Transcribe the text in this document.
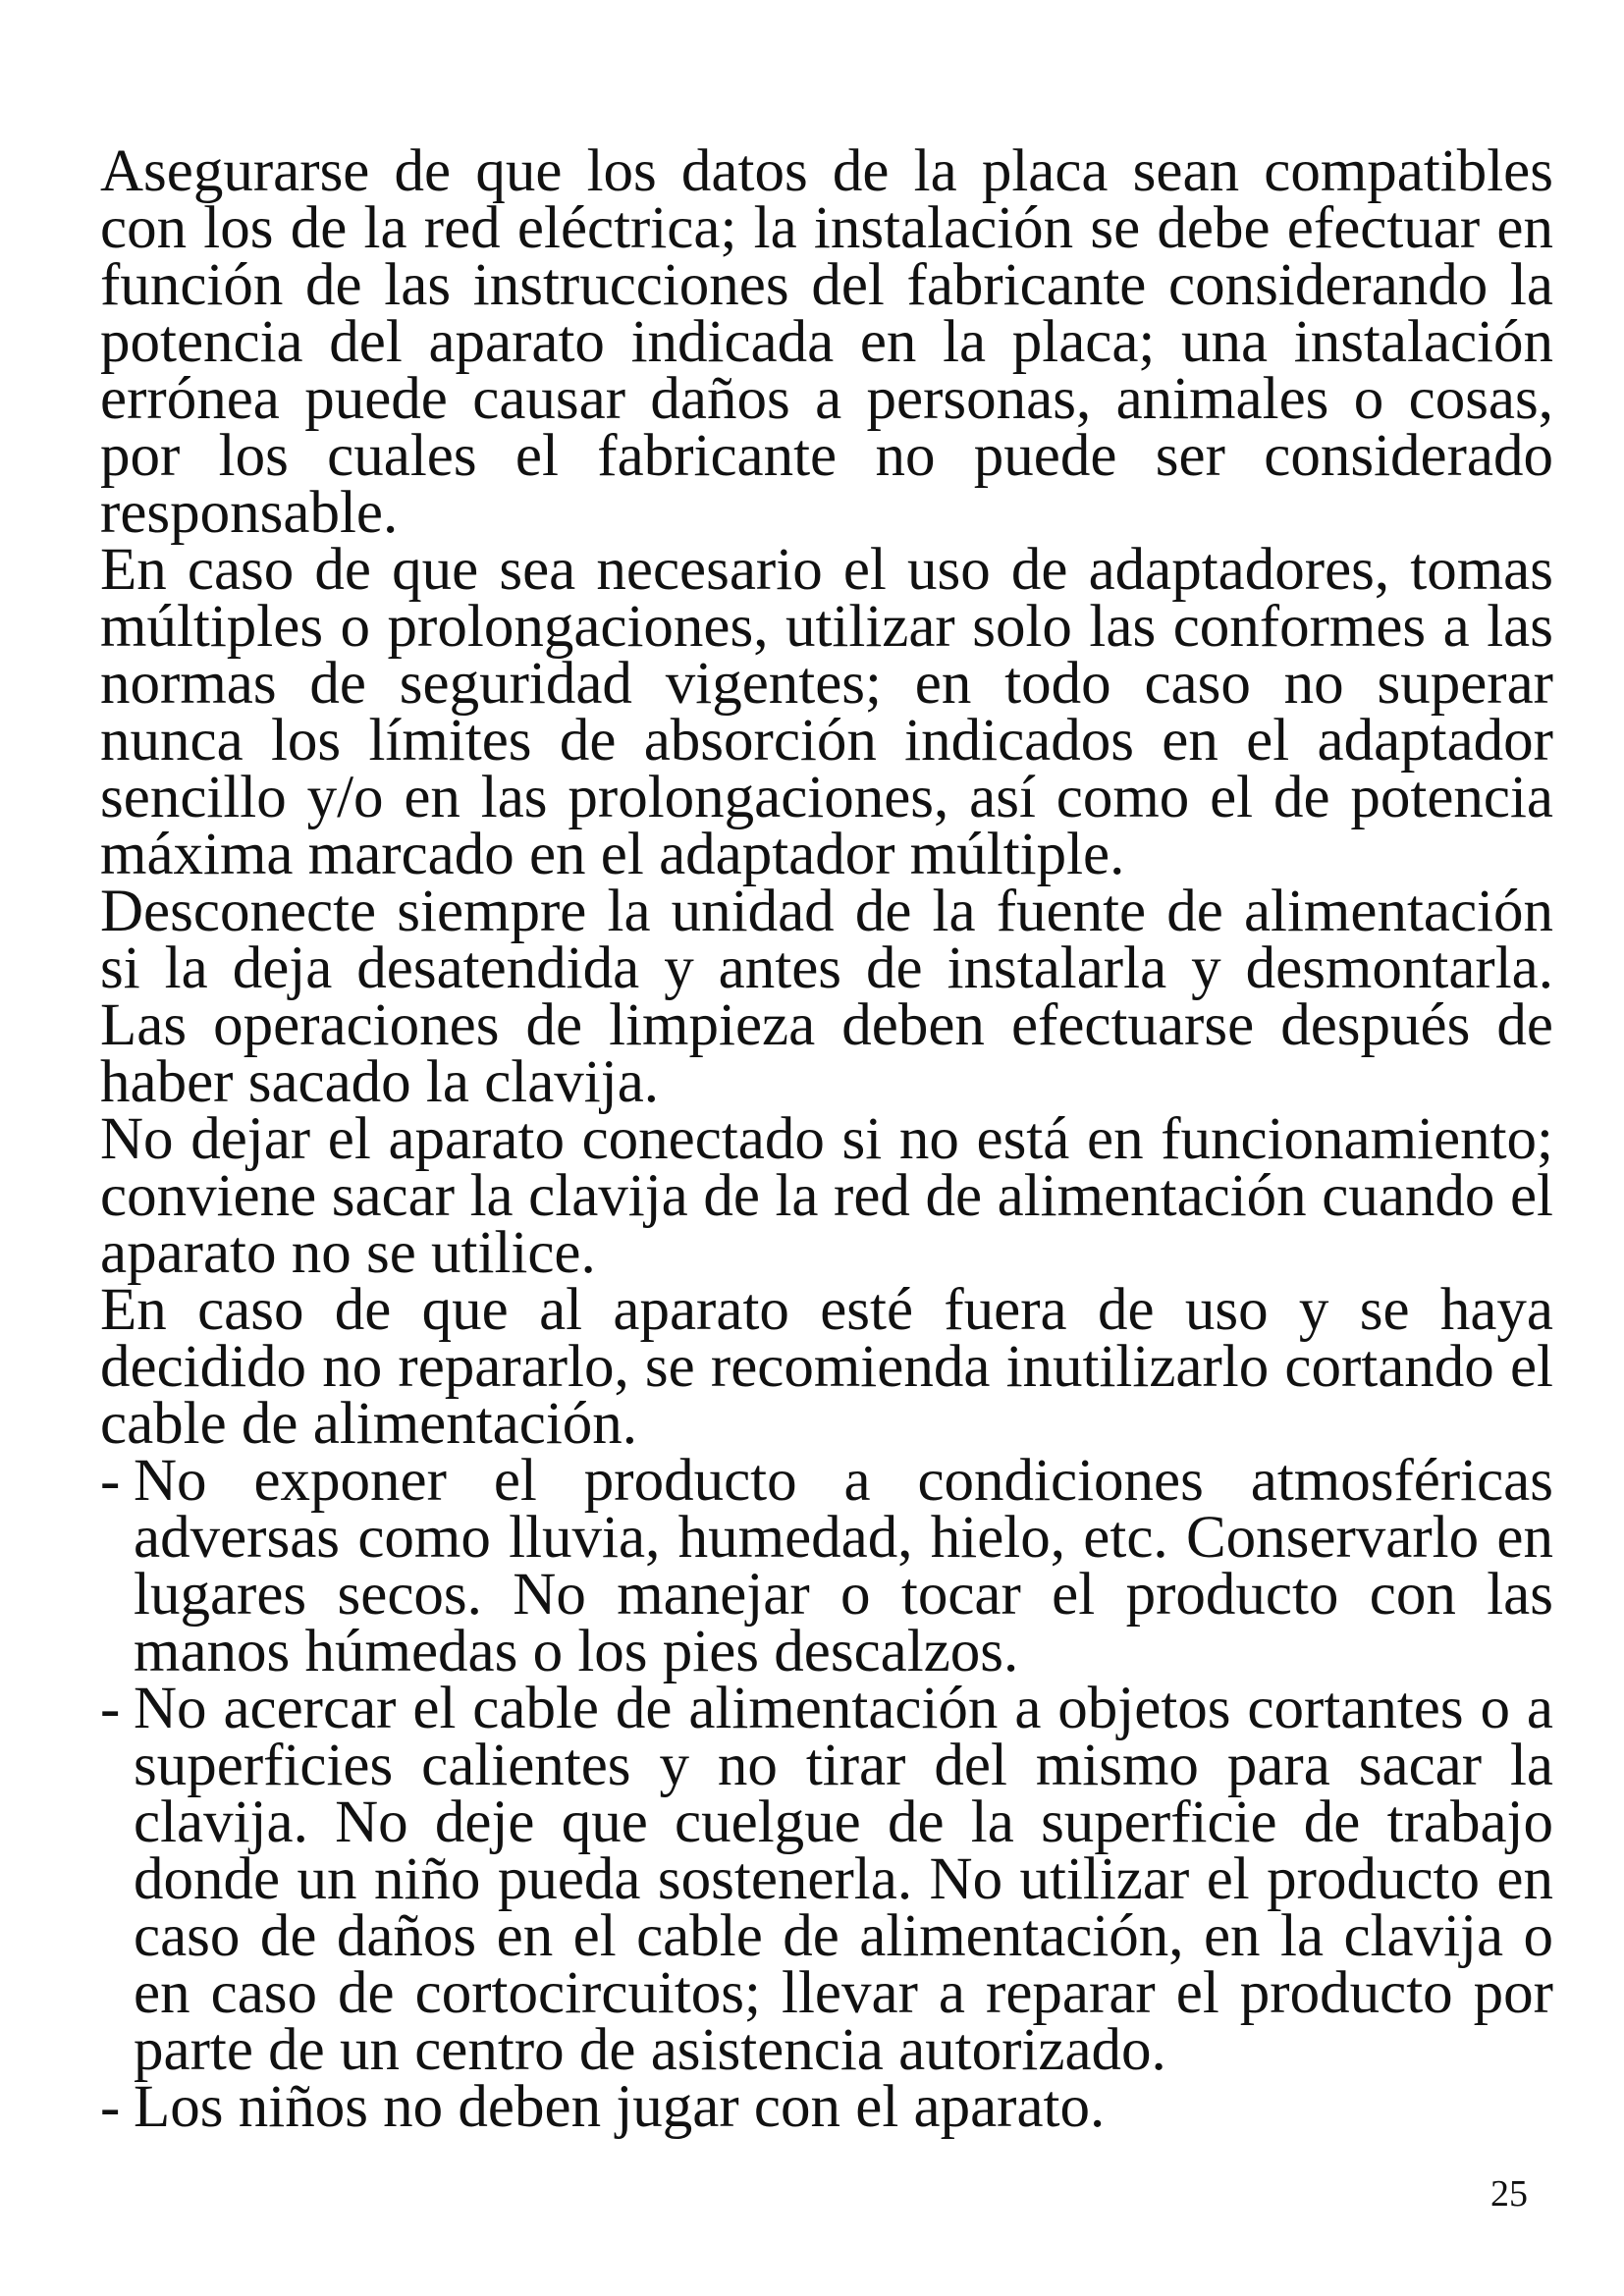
Asegurarse de que los datos de la placa sean compatibles con los de la red eléctrica; la instalación se debe efectuar en función de las instrucciones del fabricante considerando la potencia del aparato indicada en la placa; una instalación errónea puede causar daños a personas, animales o cosas, por los cuales el fabricante no puede ser considerado responsable.

En caso de que sea necesario el uso de adaptadores, tomas múltiples o prolongaciones, utilizar solo las conformes a las normas de seguridad vigentes; en todo caso no superar nunca los límites de absorción indicados en el adaptador sencillo y/o en las prolongaciones, así como el de potencia máxima marcado en el adaptador múltiple.

Desconecte siempre la unidad de la fuente de alimentación si la deja desatendida y antes de instalarla y desmontarla. Las operaciones de limpieza deben efectuarse después de haber sacado la clavija.

No dejar el aparato conectado si no está en funcionamiento; conviene sacar la clavija de la red de alimentación cuando el aparato no se utilice.

En caso de que al aparato esté fuera de uso y se haya decidido no repararlo, se recomienda inutilizarlo cortando el cable de alimentación.

- No exponer el producto a condiciones atmosféricas adversas como lluvia, humedad, hielo, etc. Conservarlo en lugares secos. No manejar o tocar el producto con las manos húmedas o los pies descalzos.
- No acercar el cable de alimentación a objetos cortantes o a superficies calientes y no tirar del mismo para sacar la clavija. No deje que cuelgue de la superficie de trabajo donde un niño pueda sostenerla. No utilizar el producto en caso de daños en el cable de alimentación, en la clavija o en caso de cortocircuitos; llevar a reparar el producto por parte de un centro de asistencia autorizado.
- Los niños no deben jugar con el aparato.
25
